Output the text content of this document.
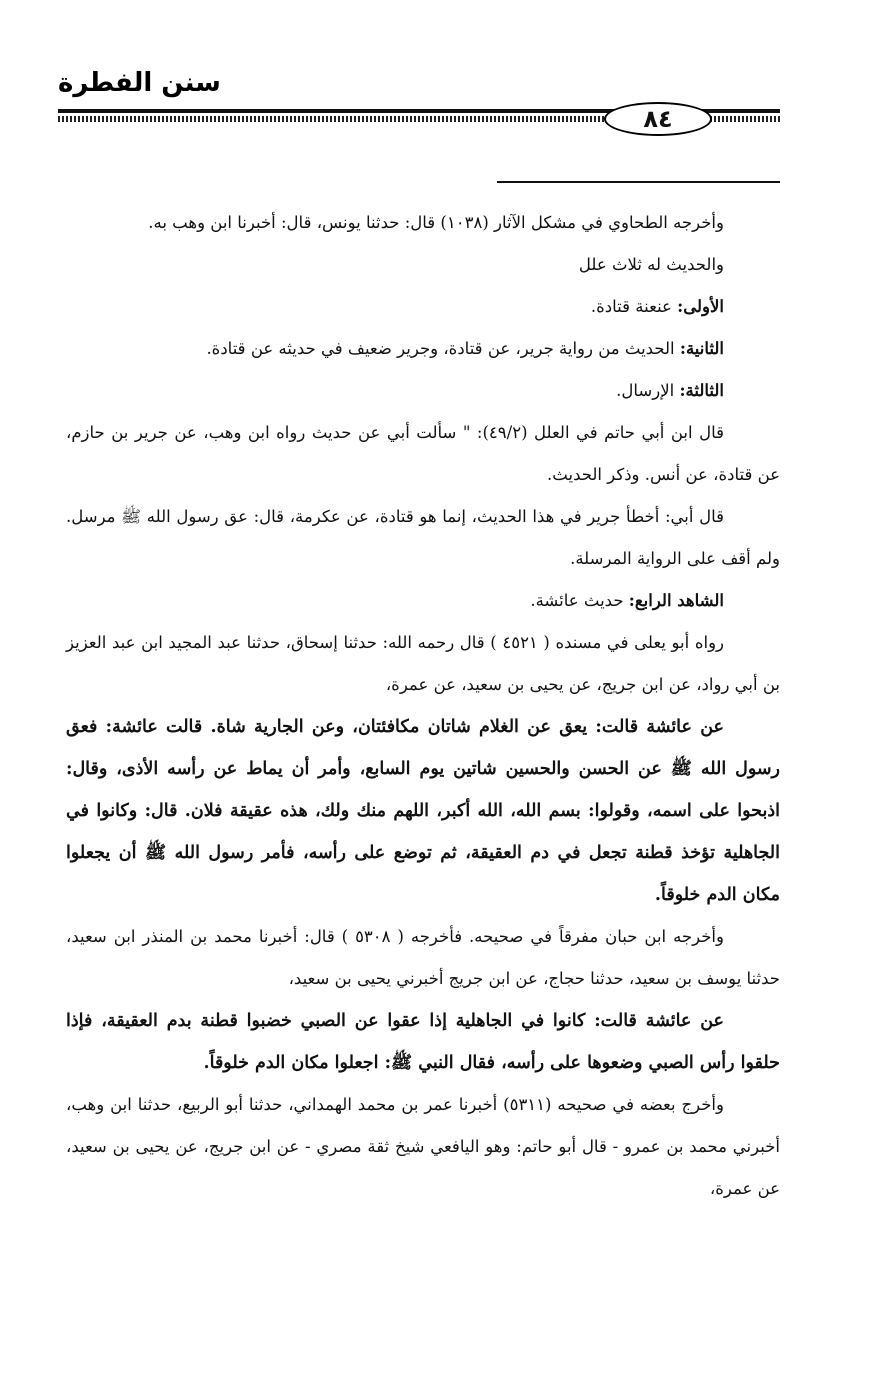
سنن الفطرة
٨٤

وأخرجه الطحاوي في مشكل الآثار (١٠٣٨) قال: حدثنا يونس، قال: أخبرنا ابن وهب به.

والحديث له ثلاث علل

الأولى: عنعنة قتادة.

الثانية: الحديث من رواية جرير، عن قتادة، وجرير ضعيف في حديثه عن قتادة.

الثالثة: الإرسال.

قال ابن أبي حاتم في العلل (٤٩/٢): " سألت أبي عن حديث رواه ابن وهب، عن جرير بن حازم، عن قتادة، عن أنس. وذكر الحديث.

قال أبي: أخطأ جرير في هذا الحديث، إنما هو قتادة، عن عكرمة، قال: عق رسول الله ﷺ مرسل. ولم أقف على الرواية المرسلة.

الشاهد الرابع: حديث عائشة.

رواه أبو يعلى في مسنده ( ٤٥٢١ ) قال رحمه الله: حدثنا إسحاق، حدثنا عبد المجيد ابن عبد العزيز بن أبي رواد، عن ابن جريج، عن يحيى بن سعيد، عن عمرة،

عن عائشة قالت: يعق عن الغلام شاتان مكافئتان، وعن الجارية شاة. قالت عائشة: فعق رسول الله ﷺ عن الحسن والحسين شاتين يوم السابع، وأمر أن يماط عن رأسه الأذى، وقال: اذبحوا على اسمه، وقولوا: بسم الله، الله أكبر، اللهم منك ولك، هذه عقيقة فلان. قال: وكانوا في الجاهلية تؤخذ قطنة تجعل في دم العقيقة، ثم توضع على رأسه، فأمر رسول الله ﷺ أن يجعلوا مكان الدم خلوقاً.

وأخرجه ابن حبان مفرقاً في صحيحه. فأخرجه ( ٥٣٠٨ ) قال: أخبرنا محمد بن المنذر ابن سعيد، حدثنا يوسف بن سعيد، حدثنا حجاج، عن ابن جريج أخبرني يحيى بن سعيد،

عن عائشة قالت: كانوا في الجاهلية إذا عقوا عن الصبي خضبوا قطنة بدم العقيقة، فإذا حلقوا رأس الصبي وضعوها على رأسه، فقال النبي ﷺ: اجعلوا مكان الدم خلوقاً.

وأخرج بعضه في صحيحه (٥٣١١) أخبرنا عمر بن محمد الهمداني، حدثنا أبو الربيع، حدثنا ابن وهب، أخبرني محمد بن عمرو - قال أبو حاتم: وهو اليافعي شيخ ثقة مصري - عن ابن جريج، عن يحيى بن سعيد، عن عمرة،
